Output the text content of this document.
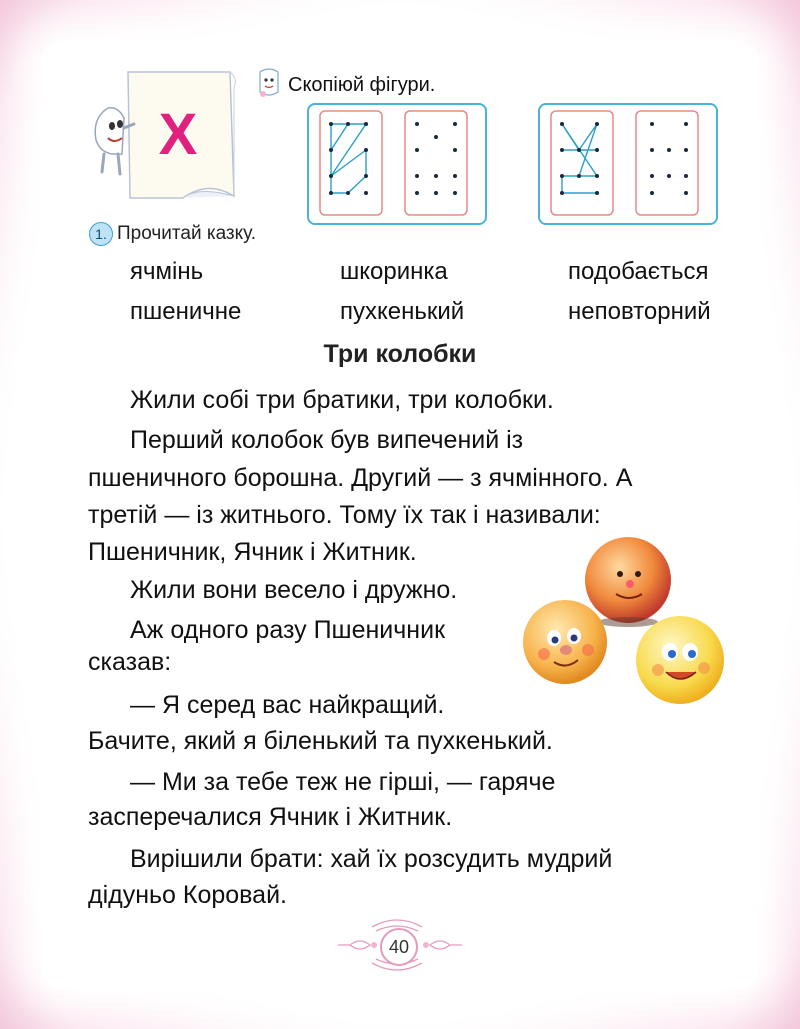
X
Скопіюй фігури.
1. Прочитай казку.
ячмінь	шкоринка	подобається
пшеничне	пухкенький	неповторний
Три колобки
Жили собі три братики, три колобки.
Перший колобок був випечений із
пшеничного борошна. Другий — з ячмінного. А
третій — із житнього. Тому їх так і називали:
Пшеничник, Ячник і Житник.
Жили вони весело і дружно.
Аж одного разу Пшеничник
сказав:
— Я серед вас найкращий.
Бачите, який я біленький та пухкенький.
— Ми за тебе теж не гірші, — гаряче
засперечалися Ячник і Житник.
Вирішили брати: хай їх розсудить мудрий
дідуньо Коровай.
40
